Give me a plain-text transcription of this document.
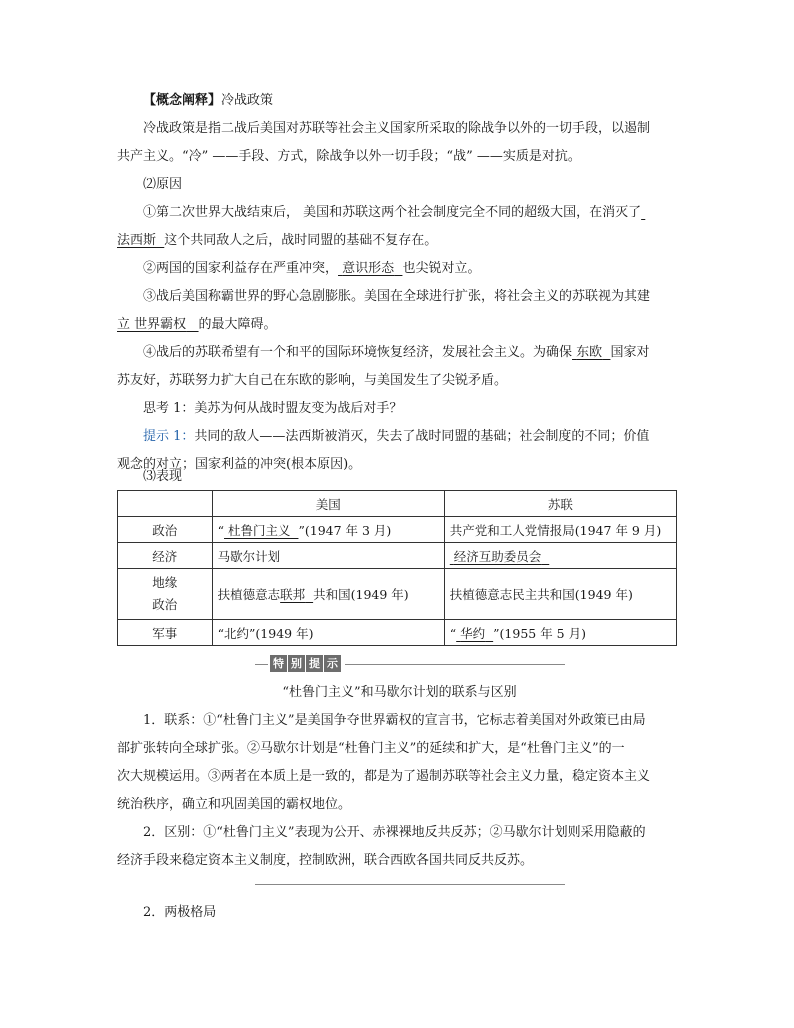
【概念阐释】冷战政策
冷战政策是指二战后美国对苏联等社会主义国家所采取的除战争以外的一切手段，以遏制
共产主义。“冷” ——手段、方式，除战争以外一切手段；“战” ——实质是对抗。
⑵原因
①第二次世界大战结束后， 美国和苏联这两个社会制度完全不同的超级大国，在消灭了
法西斯 这个共同敌人之后，战时同盟的基础不复存在。
②两国的国家利益存在严重冲突， 意识形态 也尖锐对立。
③战后美国称霸世界的野心急剧膨胀。美国在全球进行扩张，将社会主义的苏联视为其建
立 世界霸权 的最大障碍。
④战后的苏联希望有一个和平的国际环境恢复经济，发展社会主义。为确保 东欧 国家对
苏友好，苏联努力扩大自己在东欧的影响，与美国发生了尖锐矛盾。
思考 1：美苏为何从战时盟友变为战后对手？
提示 1：共同的敌人——法西斯被消灭，失去了战时同盟的基础；社会制度的不同；价值
观念的对立；国家利益的冲突(根本原因)。
⑶表现
	美国	苏联
政治	“ 杜鲁门主义 ”(1947 年 3 月)	共产党和工人党情报局(1947 年 9 月)
经济	马歇尔计划	经济互助委员会

地缘
政治	扶植德意志联邦 共和国(1949 年)	扶植德意志民主共和国(1949 年)
军事	“北约”(1949 年)	“ 华约 ”(1955 年 5 月)
特 别 提 示
“杜鲁门主义”和马歇尔计划的联系与区别
1．联系：①“杜鲁门主义”是美国争夺世界霸权的宣言书，它标志着美国对外政策已由局
部扩张转向全球扩张。②马歇尔计划是“杜鲁门主义”的延续和扩大，是“杜鲁门主义”的一
次大规模运用。③两者在本质上是一致的，都是为了遏制苏联等社会主义力量，稳定资本主义
统治秩序，确立和巩固美国的霸权地位。
2．区别：①“杜鲁门主义”表现为公开、赤裸裸地反共反苏；②马歇尔计划则采用隐蔽的
经济手段来稳定资本主义制度，控制欧洲，联合西欧各国共同反共反苏。
2．两极格局
